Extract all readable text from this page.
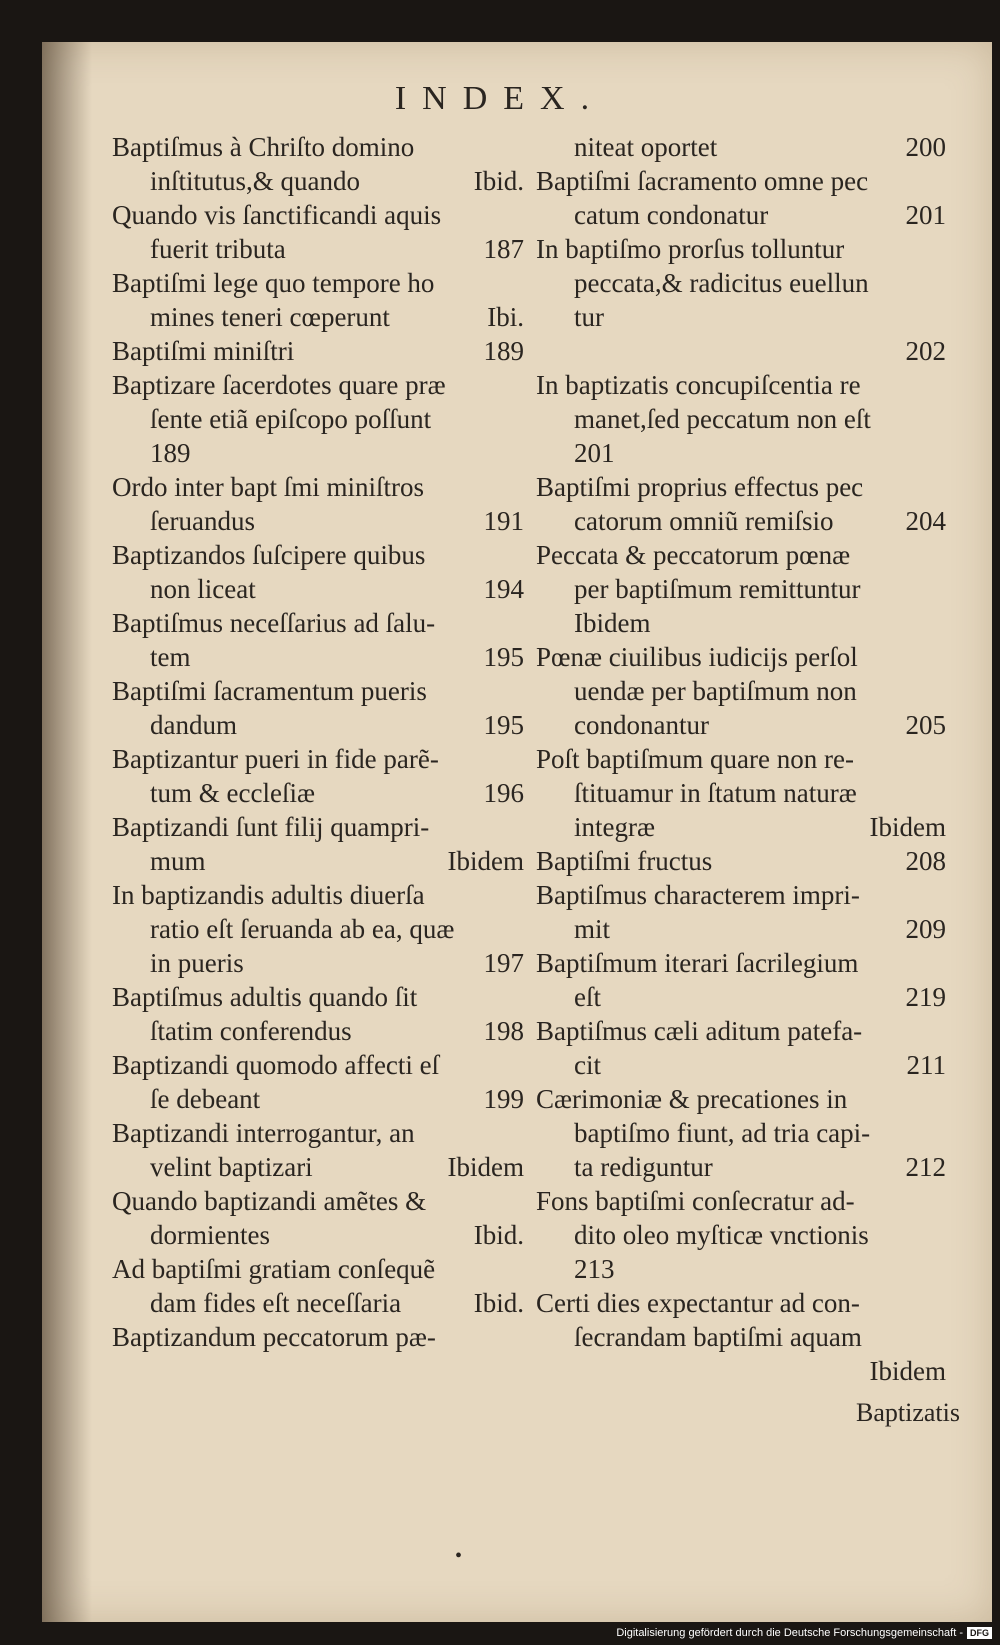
INDEX.
Baptiſmus à Chriſto domino
inſtitutus,& quando	Ibid.
Quando vis ſanctificandi aquis
fuerit tributa	187
Baptiſmi lege quo tempore ho
mines teneri cœperunt	Ibi.
Baptiſmi miniſtri	189
Baptizare ſacerdotes quare præ
ſente etiã epiſcopo poſſunt
189
Ordo inter bapt ſmi miniſtros
ſeruandus	191
Baptizandos ſuſcipere quibus
non liceat	194
Baptiſmus neceſſarius ad ſalu-
tem	195
Baptiſmi ſacramentum pueris
dandum	195
Baptizantur pueri in fide parẽ-
tum & eccleſiæ	196
Baptizandi ſunt filij quampri-
mum	Ibidem
In baptizandis adultis diuerſa
ratio eſt ſeruanda ab ea, quæ
in pueris	197
Baptiſmus adultis quando ſit
ſtatim conferendus	198
Baptizandi quomodo affecti eſ
ſe debeant	199
Baptizandi interrogantur, an
velint baptizari	Ibidem
Quando baptizandi amẽtes &
dormientes	Ibid.
Ad baptiſmi gratiam conſequẽ
dam fides eſt neceſſaria	Ibid.
Baptizandum peccatorum pæ-
niteat oportet	200
Baptiſmi ſacramento omne pec
catum condonatur	201
In baptiſmo prorſus tolluntur
peccata,& radicitus euellun
tur
202
In baptizatis concupiſcentia re
manet,ſed peccatum non eſt
201
Baptiſmi proprius effectus pec
catorum omniũ remiſsio	204
Peccata & peccatorum pœnæ
per baptiſmum remittuntur
Ibidem
Pœnæ ciuilibus iudicijs perſol
uendæ per baptiſmum non
condonantur	205
Poſt baptiſmum quare non re-
ſtituamur in ſtatum naturæ
integræ	Ibidem
Baptiſmi fructus	208
Baptiſmus characterem impri-
mit	209
Baptiſmum iterari ſacrilegium
eſt	219
Baptiſmus cæli aditum patefa-
cit	211
Cærimoniæ & precationes in
baptiſmo fiunt, ad tria capi-
ta rediguntur	212
Fons baptiſmi conſecratur ad-
dito oleo myſticæ vnctionis
213
Certi dies expectantur ad con-
ſecrandam baptiſmi aquam
Ibidem
Baptizatis
•
Digitalisierung gefördert durch die Deutsche Forschungsgemeinschaft - DFG
